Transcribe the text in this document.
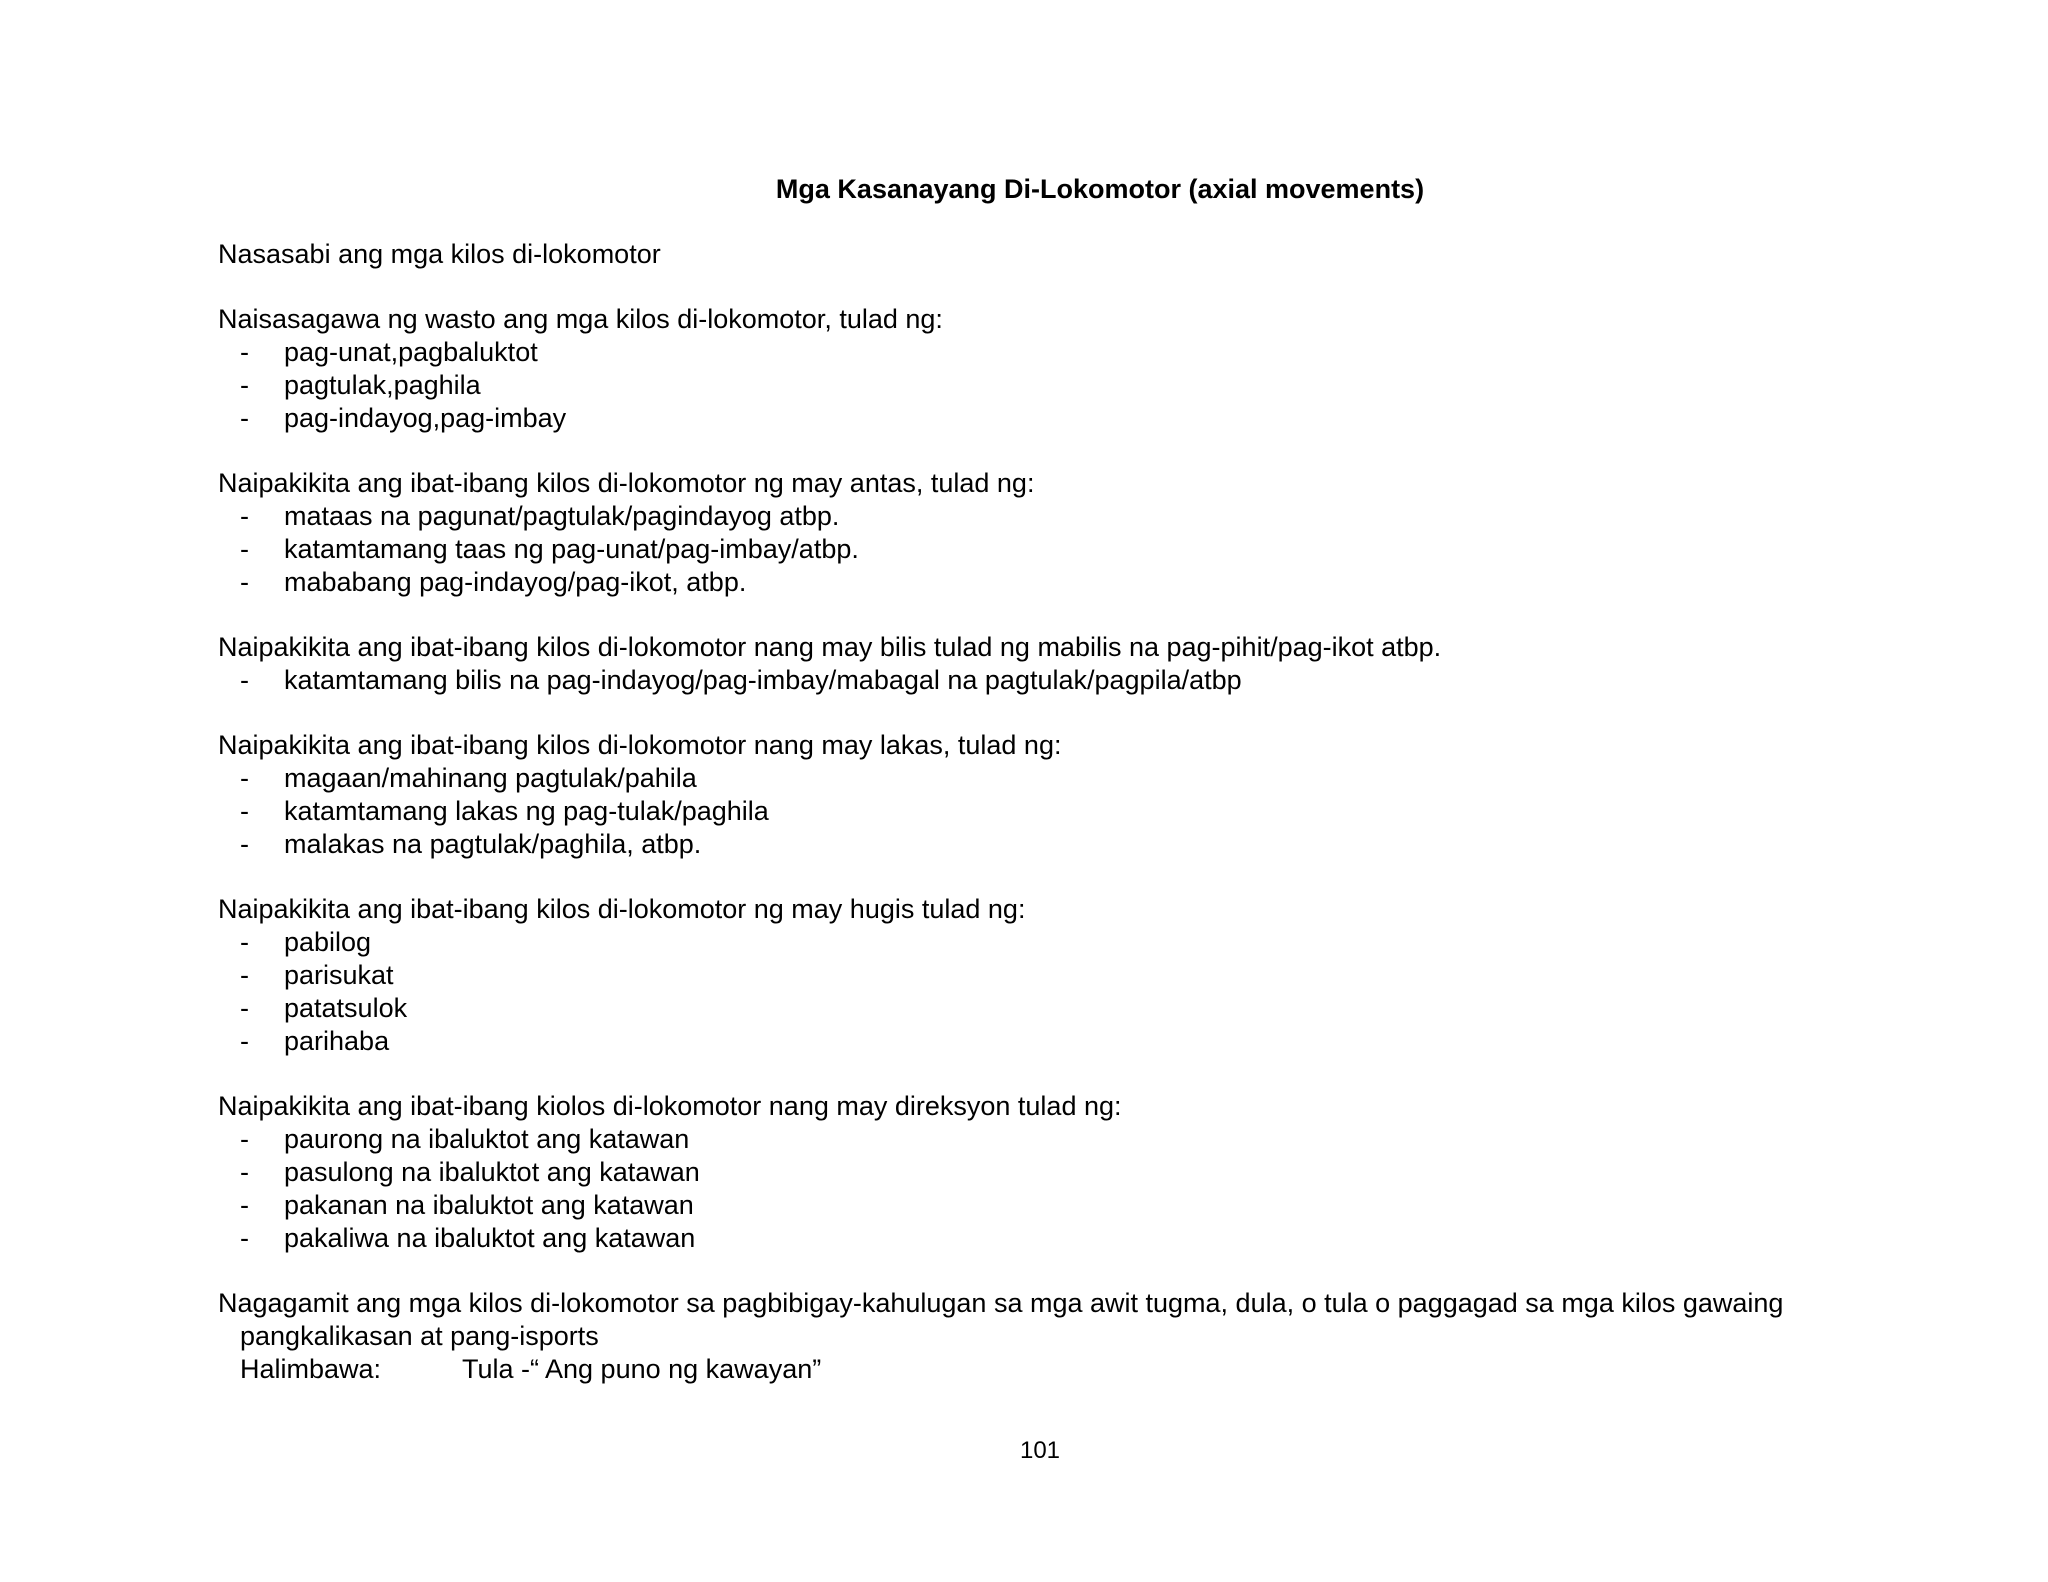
Mga Kasanayang Di-Lokomotor (axial movements)
Nasasabi ang mga kilos di-lokomotor
Naisasagawa ng wasto ang mga kilos di-lokomotor, tulad ng:
- pag-unat,pagbaluktot
- pagtulak,paghila
- pag-indayog,pag-imbay
Naipakikita ang ibat-ibang kilos di-lokomotor ng may antas, tulad ng:
- mataas na pagunat/pagtulak/pagindayog atbp.
- katamtamang taas ng pag-unat/pag-imbay/atbp.
- mababang pag-indayog/pag-ikot, atbp.
Naipakikita ang ibat-ibang kilos di-lokomotor nang may bilis tulad ng mabilis na pag-pihit/pag-ikot atbp.
- katamtamang bilis na pag-indayog/pag-imbay/mabagal na pagtulak/pagpila/atbp
Naipakikita ang ibat-ibang kilos di-lokomotor nang may lakas, tulad ng:
- magaan/mahinang pagtulak/pahila
- katamtamang lakas ng pag-tulak/paghila
- malakas na pagtulak/paghila, atbp.
Naipakikita ang ibat-ibang kilos di-lokomotor ng may hugis tulad ng:
- pabilog
- parisukat
- patatsulok
- parihaba
Naipakikita ang ibat-ibang kiolos di-lokomotor nang may direksyon tulad ng:
- paurong na ibaluktot ang katawan
- pasulong na ibaluktot ang katawan
- pakanan na ibaluktot ang katawan
- pakaliwa na ibaluktot ang katawan
Nagagamit ang mga kilos di-lokomotor sa pagbibigay-kahulugan sa mga awit tugma, dula, o tula o paggagad sa mga kilos gawaing
pangkalikasan at pang-isports
Halimbawa:	Tula -“ Ang puno ng kawayan”
101
